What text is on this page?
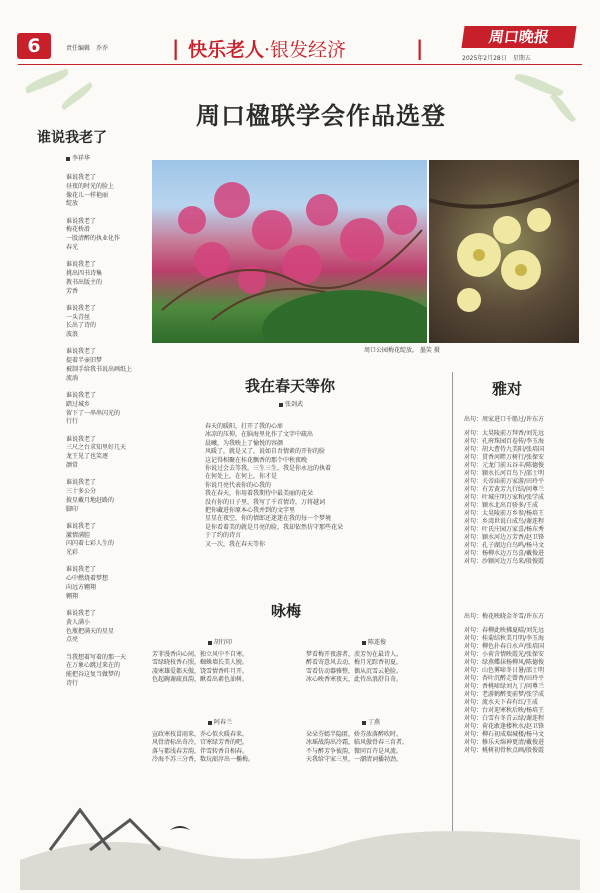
6	责任编辑 乔乔	| 快乐老人·银发经济	|	周口晚报
2025年2月28日 星期五
周口楹联学会作品选登
谁说我老了
李祥华
谁说我老了
昼夜的时光的脸上
像花儿一样艳丽
绽放
谁说我老了
梅花桥滑
一股清醉的执业化作
春光
谁说我老了
挑出四书诗集
教书出版主的
芳香
谁说我老了
一头青丝
长出了诗的
波浪
谁说我老了
提着半壶旧梦
被制手给我书说出画纸上
流淌
谁说我老了
踏过城乡
留下了一串串闪光的
行行
谁说我老了
三尺之台求知里好几天
龙王见了也笑逐
颜常
谁说我老了
三十多公分
披星戴月地赶路的
脚印
谁说我老了
激情满腔
闪闪着七彩人生的
光彩
谁说我老了
心中燃烧着梦想
向远方翱翔
翱翔
谁说我老了
黄人满小
色瓶把满天的星星
点亮
当我想着写着的那一天
在万象心跳过来在的
能把谷这复当做梦的
诗行
周口公园梅花绽放。 墨笑 摄
我在春天等你
张剑武
春天的暖阳，打开了我的心扉
冰凉的压抑，在脑海里化作了文字中疏出
晨曦，为我映上了愉悦的容颜
风暖了，就是又了，说如自吾情素的开你的脸
这记得相聚在桂花飘香的那个中秋夜晚
你说过会去等我，三生三生，我是你永远的执着
在何处上，在何上，你才是
你说月亮代表你的心我的
我在春天，你用着我期待中最美丽的花朵
没有你的日子里，我写了千首情诗，万将越词
把你藏进你原本心我并到的文字里
星星在夜空，你的情郎还迷迷在我的每一个梦境
是你看着美的就是月亮的脸，我却依然仿守那些花朵
于了约的诗言
又一次，我在春天等你
咏梅
胡行印
芳菲漫香向心间，独立风中不自寒。
雪绿晓枝香石照，蜘蛛墙长美人脱。
凌寒雄爱都天傲，饶雪情香昨月开。
色起碗谢疏真韵，瞅看出素色油树。
陈连俊
梦看梅开夜游者，羡芳勿在最诗人。
醉看寄意风去动，梅月光踪香初夏。
雪看仿动器雅整，偶从沉雪云艳脸。
冰心映香寒夜天，此侍出浪舒自奇。
阿春兰
宣政寒枝冒雨来，乔心似火暖春来。
风骨清标出奇冷，宫寒绿芳香的吧。
落与都浅春芳韵，伴雪转香自相春。
冷海不苏三分香，数玩韶淳出一椭梅。
丁燕
朵朵芬嫣半隐匿，娇芬浓落醉吹时。
冰瑶战韵出冷霜，临风傲骨春三育者。
不与醉芳争彼韵，微同百卉是风流。
天我给守家三里，一潮清词播勃劲。
雅对
出句：周家进口千船过/许东方
对句：太昊陵前万拜香/刘先远
对句：孔府珠园百卷传/李玉海
对句：胡大曹侍九美阳/张培国
对句：贯香河畔万树行/张保安
对句：元龙门前五谷丰/陈德俊
对句：颍水长河百鸟下/邵士明
对句：关帝庙前万家游/田玲平
对句：有芳黄芳九行结/问尊兰
对句：叶城庄明万家和/张学成
对句：颍水北出百骄多/王成
对句：太昊陵前万乡参/杨培王
对句：乡湾世说白成鸟/谢连程
对句：叶氏庄园万家喜/杨东秀
对句：颍水河边万芳香/赵卫锋
对句：孔子湖边白鸟鸣/杨马文
对句：杨柳水边万鸟喜/戴俊进
对句：沙颍河边万鸟来/殷俊霞
出句：梅花映晓金冬雪/许东方
对句：春柳此映拂夏晴/刘先远
对句：桂菊结秋美月明/李玉海
对句：柳色扑春白水声/张培国
对句：小荷含情映霞光/张保安
对句：绿燕蝶抹杨柳风/陈德俊
对句：山色雾啼冬日暑/邵士明
对句：杏叶沉醉走曾香/田玲平
对句：香桃啼绿刘九丁/问尊兰
对句：老游鹤醉变前梦/张学成
对句：流水天下春有红/王成
对句：台对迎寒秋后映/杨培王
对句：白雪有冬青云绿/谢连程
对句：荷花敢逢楼秋水/赵卫锋
对句：柳石初成瑞城楼/杨马文
对句：修乐天绵神更清/戴俊进
对句：桃树初骨秋点画/殷俊霞
